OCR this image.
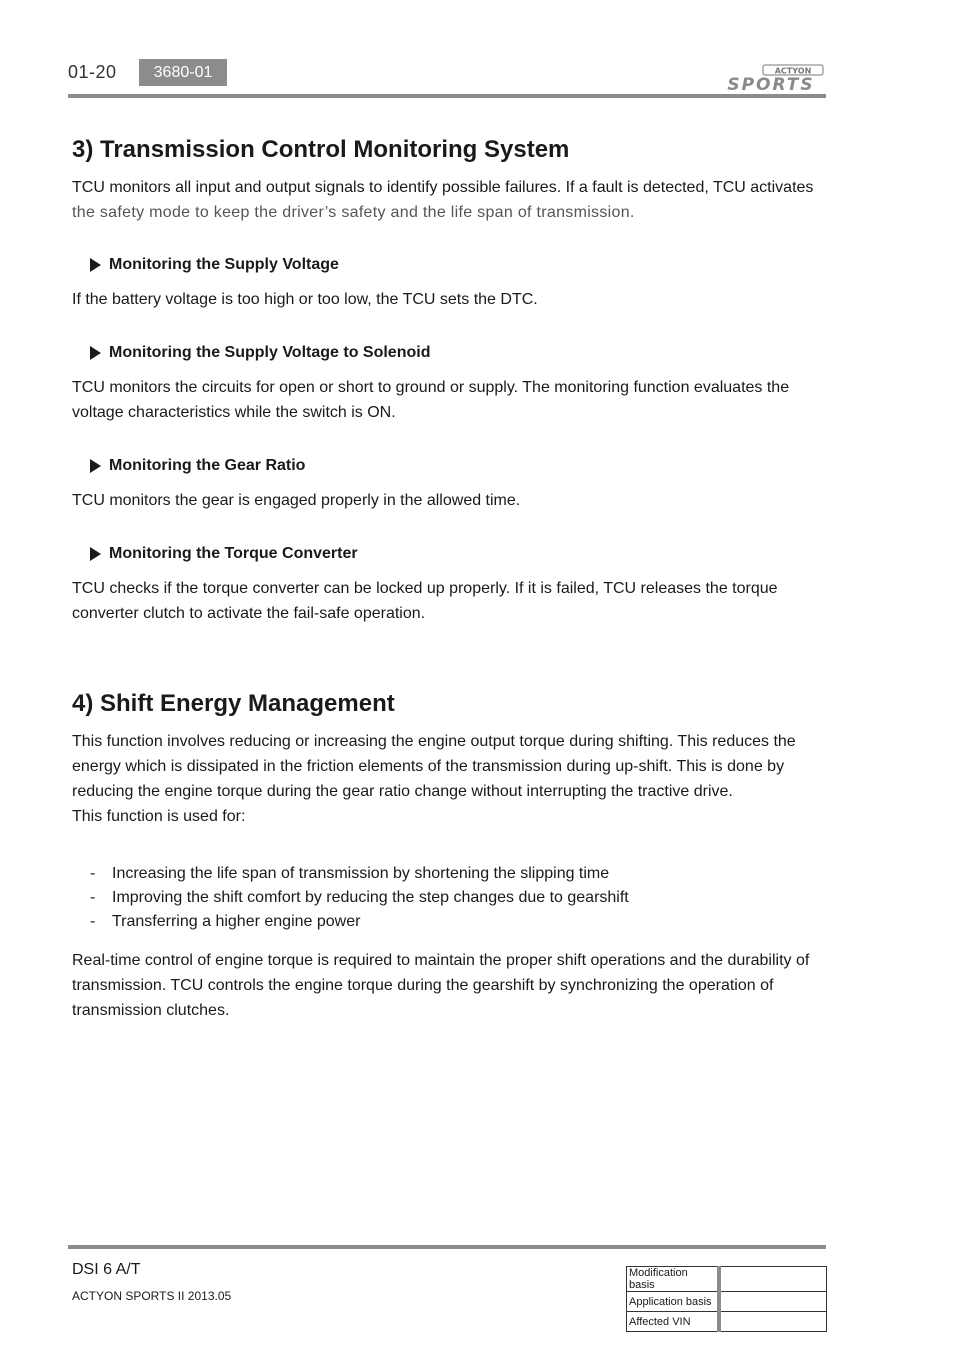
01-20	3680-01	ACTYON
SPORTS
3) Transmission Control Monitoring System

TCU monitors all input and output signals to identify possible failures. If a fault is detected, TCU activates
the safety mode to keep the driver’s safety and the life span of transmission.

Monitoring the Supply Voltage

If the battery voltage is too high or too low, the TCU sets the DTC.

Monitoring the Supply Voltage to Solenoid

TCU monitors the circuits for open or short to ground or supply. The monitoring function evaluates the
voltage characteristics while the switch is ON.

Monitoring the Gear Ratio

TCU monitors the gear is engaged properly in the allowed time.

Monitoring the Torque Converter

TCU checks if the torque converter can be locked up properly. If it is failed, TCU releases the torque
converter clutch to activate the fail-safe operation.

4) Shift Energy Management

This function involves reducing or increasing the engine output torque during shifting. This reduces the
energy which is dissipated in the friction elements of the transmission during up-shift. This is done by
reducing the engine torque during the gear ratio change without interrupting the tractive drive.
This function is used for:

-	Increasing the life span of transmission by shortening the slipping time
-	Improving the shift comfort by reducing the step changes due to gearshift
-	Transferring a higher engine power

Real-time control of engine torque is required to maintain the proper shift operations and the durability of
transmission. TCU controls the engine torque during the gearshift by synchronizing the operation of
transmission clutches.

DSI 6 A/T
ACTYON SPORTS II 2013.05
Modification basis	
Application basis	
Affected VIN	
